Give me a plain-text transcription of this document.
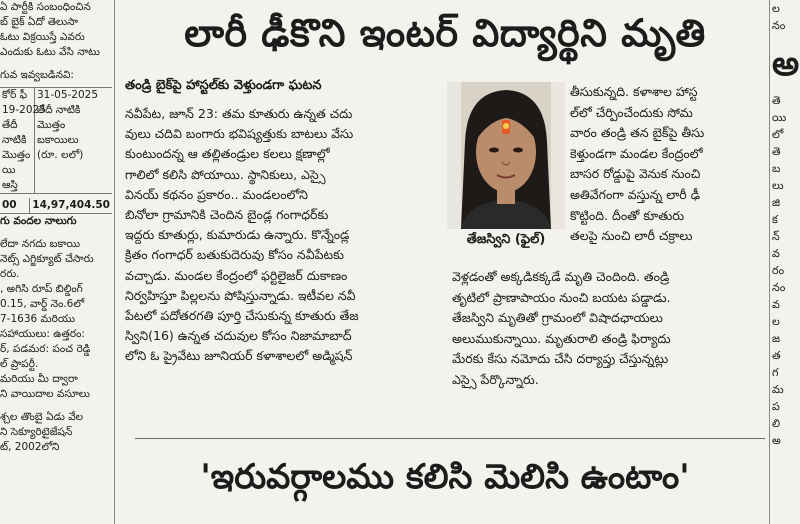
ఏ పార్టీకి సంబంధించిన
బ్ బైక్ ఏదో తెలుసా
ఓటు విక్రయిస్తే ఎవరు
ఎందుకు ఓటు వేసి నాటు
గువ ఇవ్వబడినవి:
కోర్ ఫీ
19-2025
తేదీ
నాటికి
మొత్తం
యి
ఆస్తి
31-05-2025
తేదీ నాటికి
మొత్తం
బకాయిలు
(రూ. లలో)
00	14,97,404.50
గు వందల నాలుగు
లేదా నగదు బకాయి
నెట్స్ ఎగ్జిక్యూట్ చేసారు
రరు.
, అగిసి రూప్ బిల్డింగ్
0.15, వార్డ్ నెం.6లో
7-1636 మరియు
సహాయులు: ఉత్తరం:
ర్, పడమర: పంచ రెడ్డి
ల్ ప్రాపర్టీ.
మరియు మీ ద్వారా
ని వాయిదాల వసూలు
శ్చల తొంబై ఏడు వేల
ని సెక్యూరిటైజేషన్
ట్, 2002లోని
లారీ ఢీకొని ఇంటర్ విద్యార్థిని మృతి
తండ్రి బైక్‌పై హాస్టల్‌కు వెళ్తుండగా ఘటన
నవీపేట, జూన్ 23: తమ కూతురు ఉన్నత చదు
వులు చదివి బంగారు భవిష్యత్తుకు బాటలు వేసు
కుంటుందన్న ఆ తల్లితండ్రుల కలలు క్షణాల్లో
గాలిలో కలిసి పోయాయి. స్థానికులు, ఎస్సై
వినయ్ కథనం ప్రకారం.. మండలంలోని
బినోలా గ్రామానికి చెందిన బైండ్ల గంగాధర్‌కు
ఇద్దరు కూతుర్లు, కుమారుడు ఉన్నారు. కొన్నేండ్ల
క్రితం గంగాధర్ బతుకుదెరువు కోసం నవీపేటకు
వచ్చాడు. మండల కేంద్రంలో ఫర్టిలైజర్ దుకాణం
నిర్వహిస్తూ పిల్లలను పోషిస్తున్నాడు. ఇటీవల నవీ
పేటలో పదోతరగతి పూర్తి చేసుకున్న కూతురు తేజ
స్విని(16) ఉన్నత చదువుల కోసం నిజామాబాద్
లోని ఓ ప్రైవేటు జూనియర్ కళాశాలలో అడ్మిషన్
తేజస్విని (ఫైల్)
తీసుకున్నది. కళాశాల హాస్ట
ల్‌లో చేర్పించేందుకు సోమ
వారం తండ్రి తన బైక్‌పై తీసు
కెళ్తుండగా మండల కేంద్రంలో
బాసర రోడ్డుపై వెనుక నుంచి
అతివేగంగా వస్తున్న లారీ ఢీ
కొట్టింది. దీంతో కూతురు
తలపై నుంచి లారీ చక్రాలు
వెళ్లడంతో అక్కడికక్కడే మృతి చెందింది. తండ్రి
తృటిలో ప్రాణాపాయం నుంచి బయట పడ్డాడు.
తేజస్విని మృతితో గ్రామంలో విషాదఛాయలు
అలుముకున్నాయి. మృతురాలి తండ్రి ఫిర్యాదు
మేరకు కేసు నమోదు చేసి దర్యాప్తు చేస్తున్నట్లు
ఎస్సై పేర్కొన్నారు.
'ఇరువర్గాలము కలిసి మెలిసి ఉంటాం'
ల
నం
అ
తె
యి
లో
తె
బ
లు
జి
క
న్
వ
రం
నం
వ
ల
జ
త
గ
మ
ప
లి
అ
